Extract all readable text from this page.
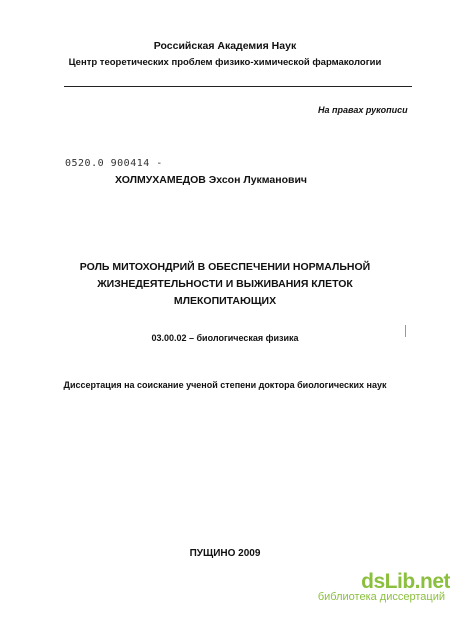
Российская Академия Наук
Центр теоретических проблем физико-химической фармакологии
На правах рукописи
0520.0 900414 -
ХОЛМУХАМЕДОВ Эхсон Лукманович
РОЛЬ МИТОХОНДРИЙ В ОБЕСПЕЧЕНИИ НОРМАЛЬНОЙ
ЖИЗНЕДЕЯТЕЛЬНОСТИ И ВЫЖИВАНИЯ КЛЕТОК
МЛЕКОПИТАЮЩИХ
03.00.02 – биологическая физика
Диссертация на соискание ученой степени доктора биологических наук
ПУЩИНО 2009
dsLib.net
библиотека диссертаций
